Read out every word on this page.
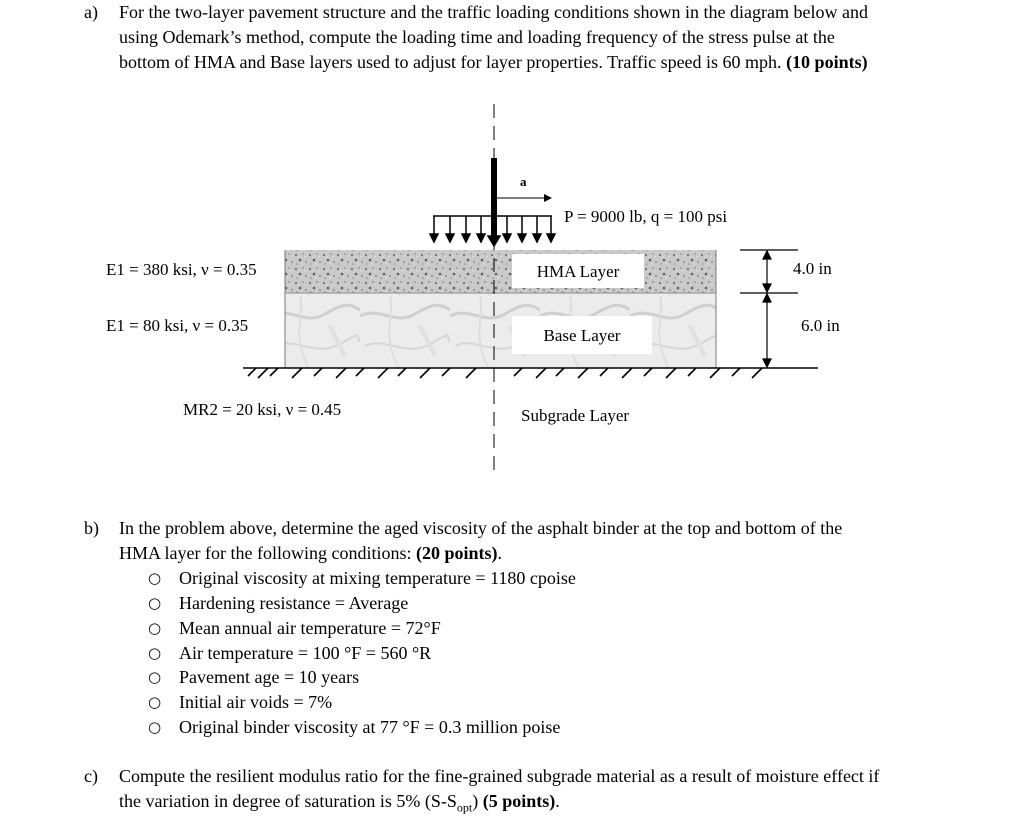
a) For the two-layer pavement structure and the traffic loading conditions shown in the diagram below and
using Odemark’s method, compute the loading time and loading frequency of the stress pulse at the
bottom of HMA and Base layers used to adjust for layer properties. Traffic speed is 60 mph. (10 points)
a
P = 9000 lb, q = 100 psi
HMA Layer
Base Layer
Subgrade Layer
E1 = 380 ksi, ν = 0.35
E1 = 80 ksi, ν = 0.35
MR2 = 20 ksi, ν = 0.45
4.0 in
6.0 in
b) In the problem above, determine the aged viscosity of the asphalt binder at the top and bottom of the
HMA layer for the following conditions: (20 points).
○ Original viscosity at mixing temperature = 1180 cpoise
○ Hardening resistance = Average
○ Mean annual air temperature = 72°F
○ Air temperature = 100 °F = 560 °R
○ Pavement age = 10 years
○ Initial air voids = 7%
○ Original binder viscosity at 77 °F = 0.3 million poise
c) Compute the resilient modulus ratio for the fine-grained subgrade material as a result of moisture effect if
the variation in degree of saturation is 5% $(S-S_{opt})$ (5 points).
